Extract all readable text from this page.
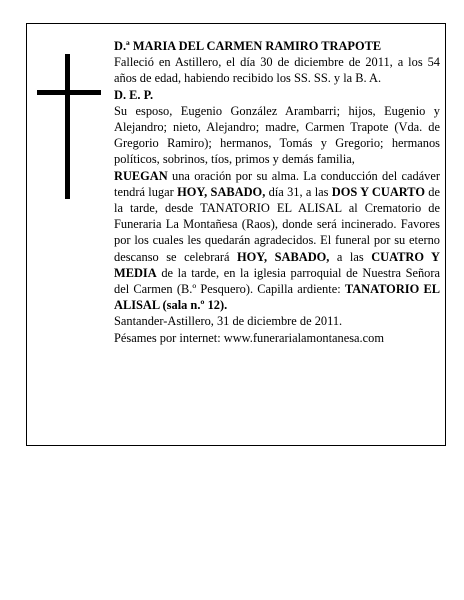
D.ª MARIA DEL CARMEN RAMIRO TRAPOTE

Falleció en Astillero, el día 30 de diciembre de 2011, a los 54 años de edad, habiendo recibido los SS. SS. y la B. A.

D. E. P.

Su esposo, Eugenio González Arambarri; hijos, Eugenio y Alejandro; nieto, Alejandro; madre, Carmen Trapote (Vda. de Gregorio Ramiro); hermanos, Tomás y Gregorio; hermanos políticos, sobrinos, tíos, primos y demás familia,

RUEGAN una oración por su alma. La conducción del cadáver tendrá lugar HOY, SABADO, día 31, a las DOS Y CUARTO de la tarde, desde TANATORIO EL ALISAL al Crematorio de Funeraria La Montañesa (Raos), donde será incinerado. Favores por los cuales les quedarán agradecidos. El funeral por su eterno descanso se celebrará HOY, SABADO, a las CUATRO Y MEDIA de la tarde, en la iglesia parroquial de Nuestra Señora del Carmen (B.º Pesquero). Capilla ardiente: TANATORIO EL ALISAL (sala n.º 12).

Santander-Astillero, 31 de diciembre de 2011.

Pésames por internet: www.funerarialamontanesa.com
